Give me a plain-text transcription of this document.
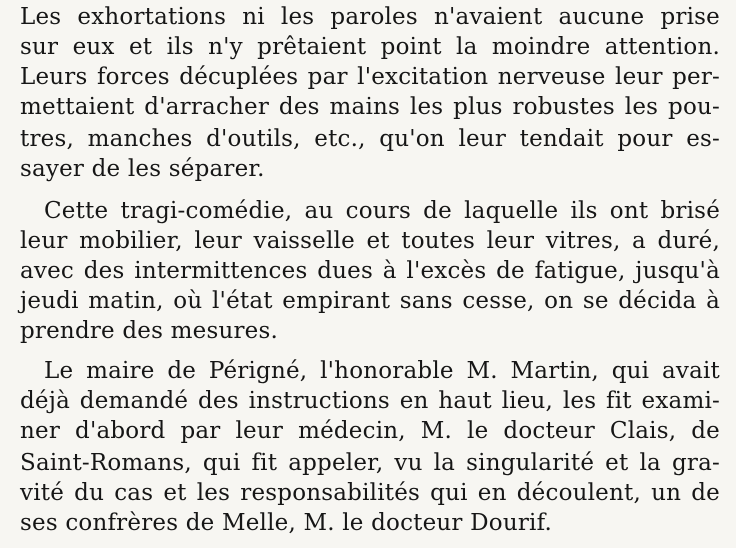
Les exhortations ni les paroles n'avaient aucune prise
sur eux et ils n'y prêtaient point la moindre attention.
Leurs forces décuplées par l'excitation nerveuse leur per-
mettaient d'arracher des mains les plus robustes les pou-
tres, manches d'outils, etc., qu'on leur tendait pour es-
sayer de les séparer.
Cette tragi-comédie, au cours de laquelle ils ont brisé
leur mobilier, leur vaisselle et toutes leur vitres, a duré,
avec des intermittences dues à l'excès de fatigue, jusqu'à
jeudi matin, où l'état empirant sans cesse, on se décida à
prendre des mesures.
Le maire de Périgné, l'honorable M. Martin, qui avait
déjà demandé des instructions en haut lieu, les fit exami-
ner d'abord par leur médecin, M. le docteur Clais, de
Saint-Romans, qui fit appeler, vu la singularité et la gra-
vité du cas et les responsabilités qui en découlent, un de
ses confrères de Melle, M. le docteur Dourif.
